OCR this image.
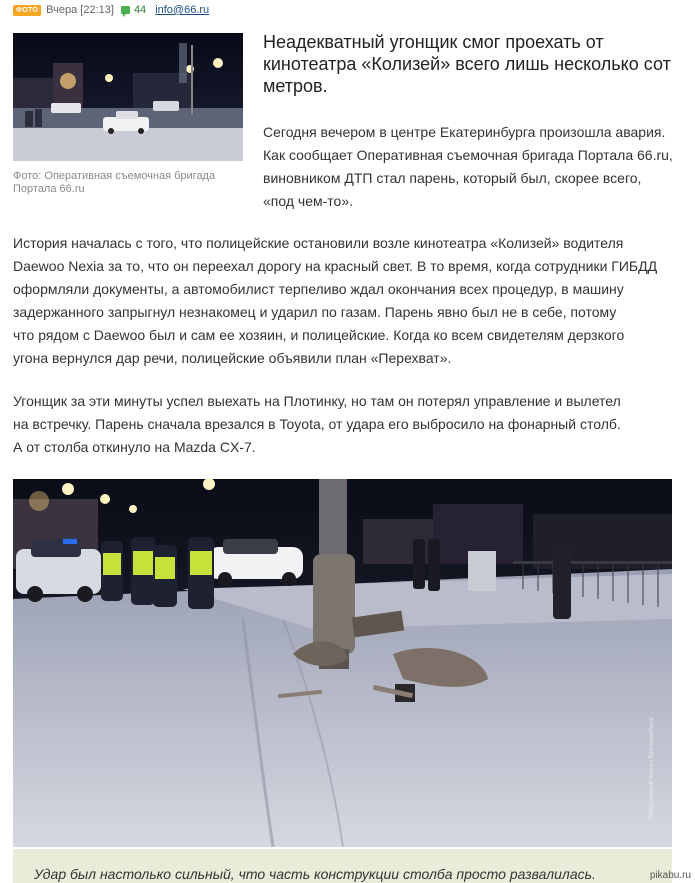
ФОТО Вчера [22:13] 44 info@66.ru
Фото: Оперативная съемочная бригада Портала 66.ru
Неадекватный угонщик смог проехать от кинотеатра «Колизей» всего лишь несколько сот метров.

Сегодня вечером в центре Екатеринбурга произошла авария. Как сообщает Оперативная съемочная бригада Портала 66.ru, виновником ДТП стал парень, который был, скорее всего, «под чем-то».

История началась с того, что полицейские остановили возле кинотеатра «Колизей» водителя
Daewoo Nexia за то, что он переехал дорогу на красный свет. В то время, когда сотрудники ГИБДД
оформляли документы, а автомобилист терпеливо ждал окончания всех процедур, в машину
задержанного запрыгнул незнакомец и ударил по газам. Парень явно был не в себе, потому
что рядом с Daewoo был и сам ее хозяин, и полицейские. Когда ко всем свидетелям дерзкого
угона вернулся дар речи, полицейские объявили план «Перехват».

Угонщик за эти минуты успел выехать на Плотинку, но там он потерял управление и вылетел
на встречку. Парень сначала врезался в Toyota, от удара его выбросило на фонарный столб.
А от столба откинуло на Mazda CX-7.

Оперативный портал Екатеринбурга
Удар был настолько сильный, что часть конструкции столба просто развалилась.	pikabu.ru
